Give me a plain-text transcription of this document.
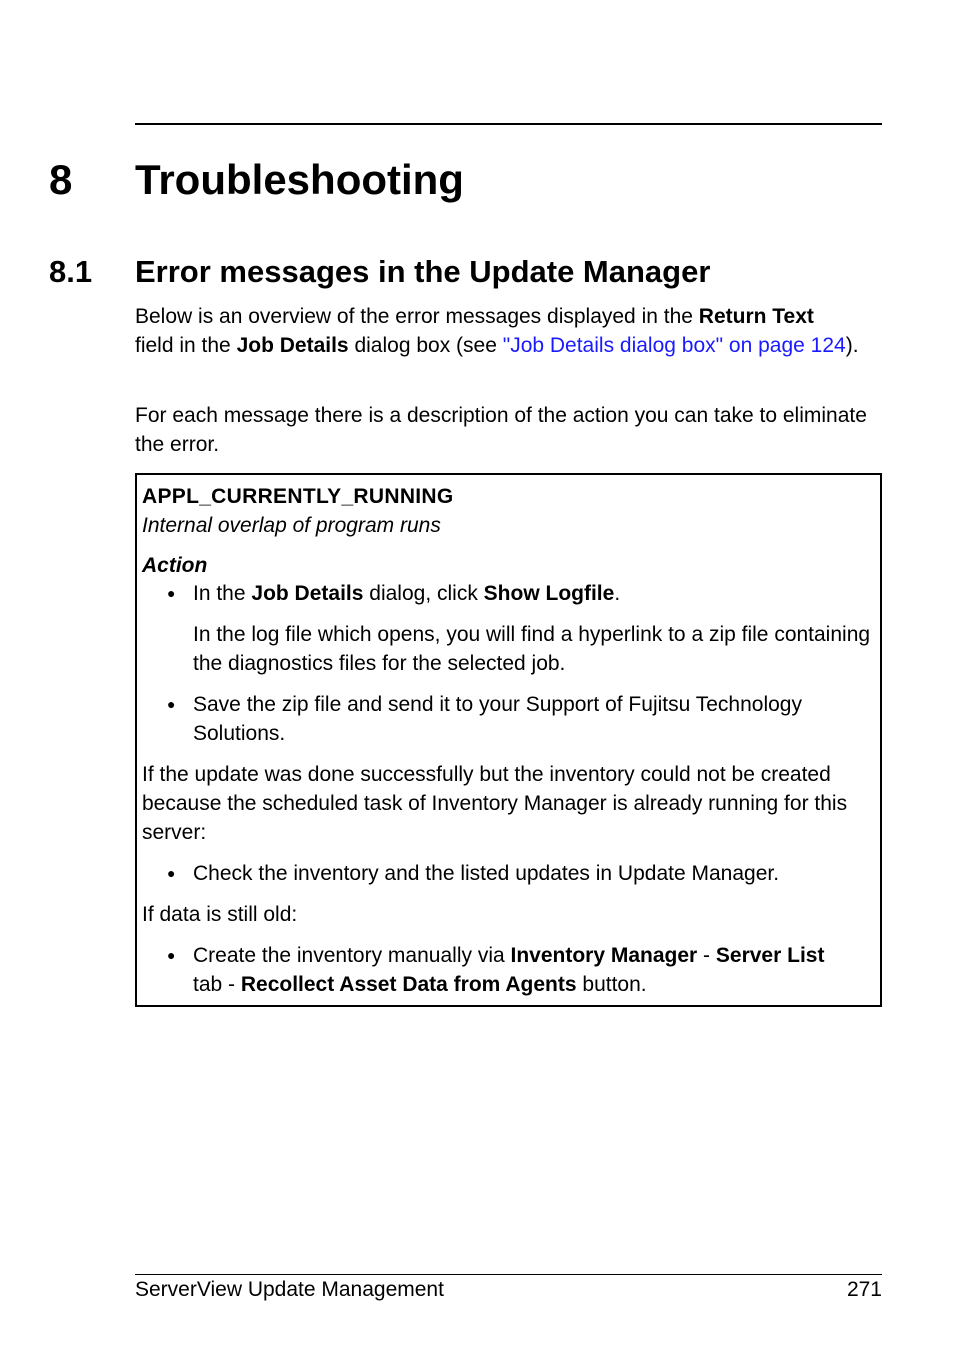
8 Troubleshooting
8.1 Error messages in the Update Manager
Below is an overview of the error messages displayed in the Return Text
field in the Job Details dialog box (see "Job Details dialog box" on page 124).
For each message there is a description of the action you can take to eliminate the error.
APPL_CURRENTLY_RUNNING
Internal overlap of program runs
Action
● In the Job Details dialog, click Show Logfile.
In the log file which opens, you will find a hyperlink to a zip file containing the diagnostics files for the selected job.
● Save the zip file and send it to your Support of Fujitsu Technology Solutions.
If the update was done successfully but the inventory could not be created because the scheduled task of Inventory Manager is already running for this server:
● Check the inventory and the listed updates in Update Manager.
If data is still old:
● Create the inventory manually via Inventory Manager - Server List
tab - Recollect Asset Data from Agents button.
ServerView Update Management	271
